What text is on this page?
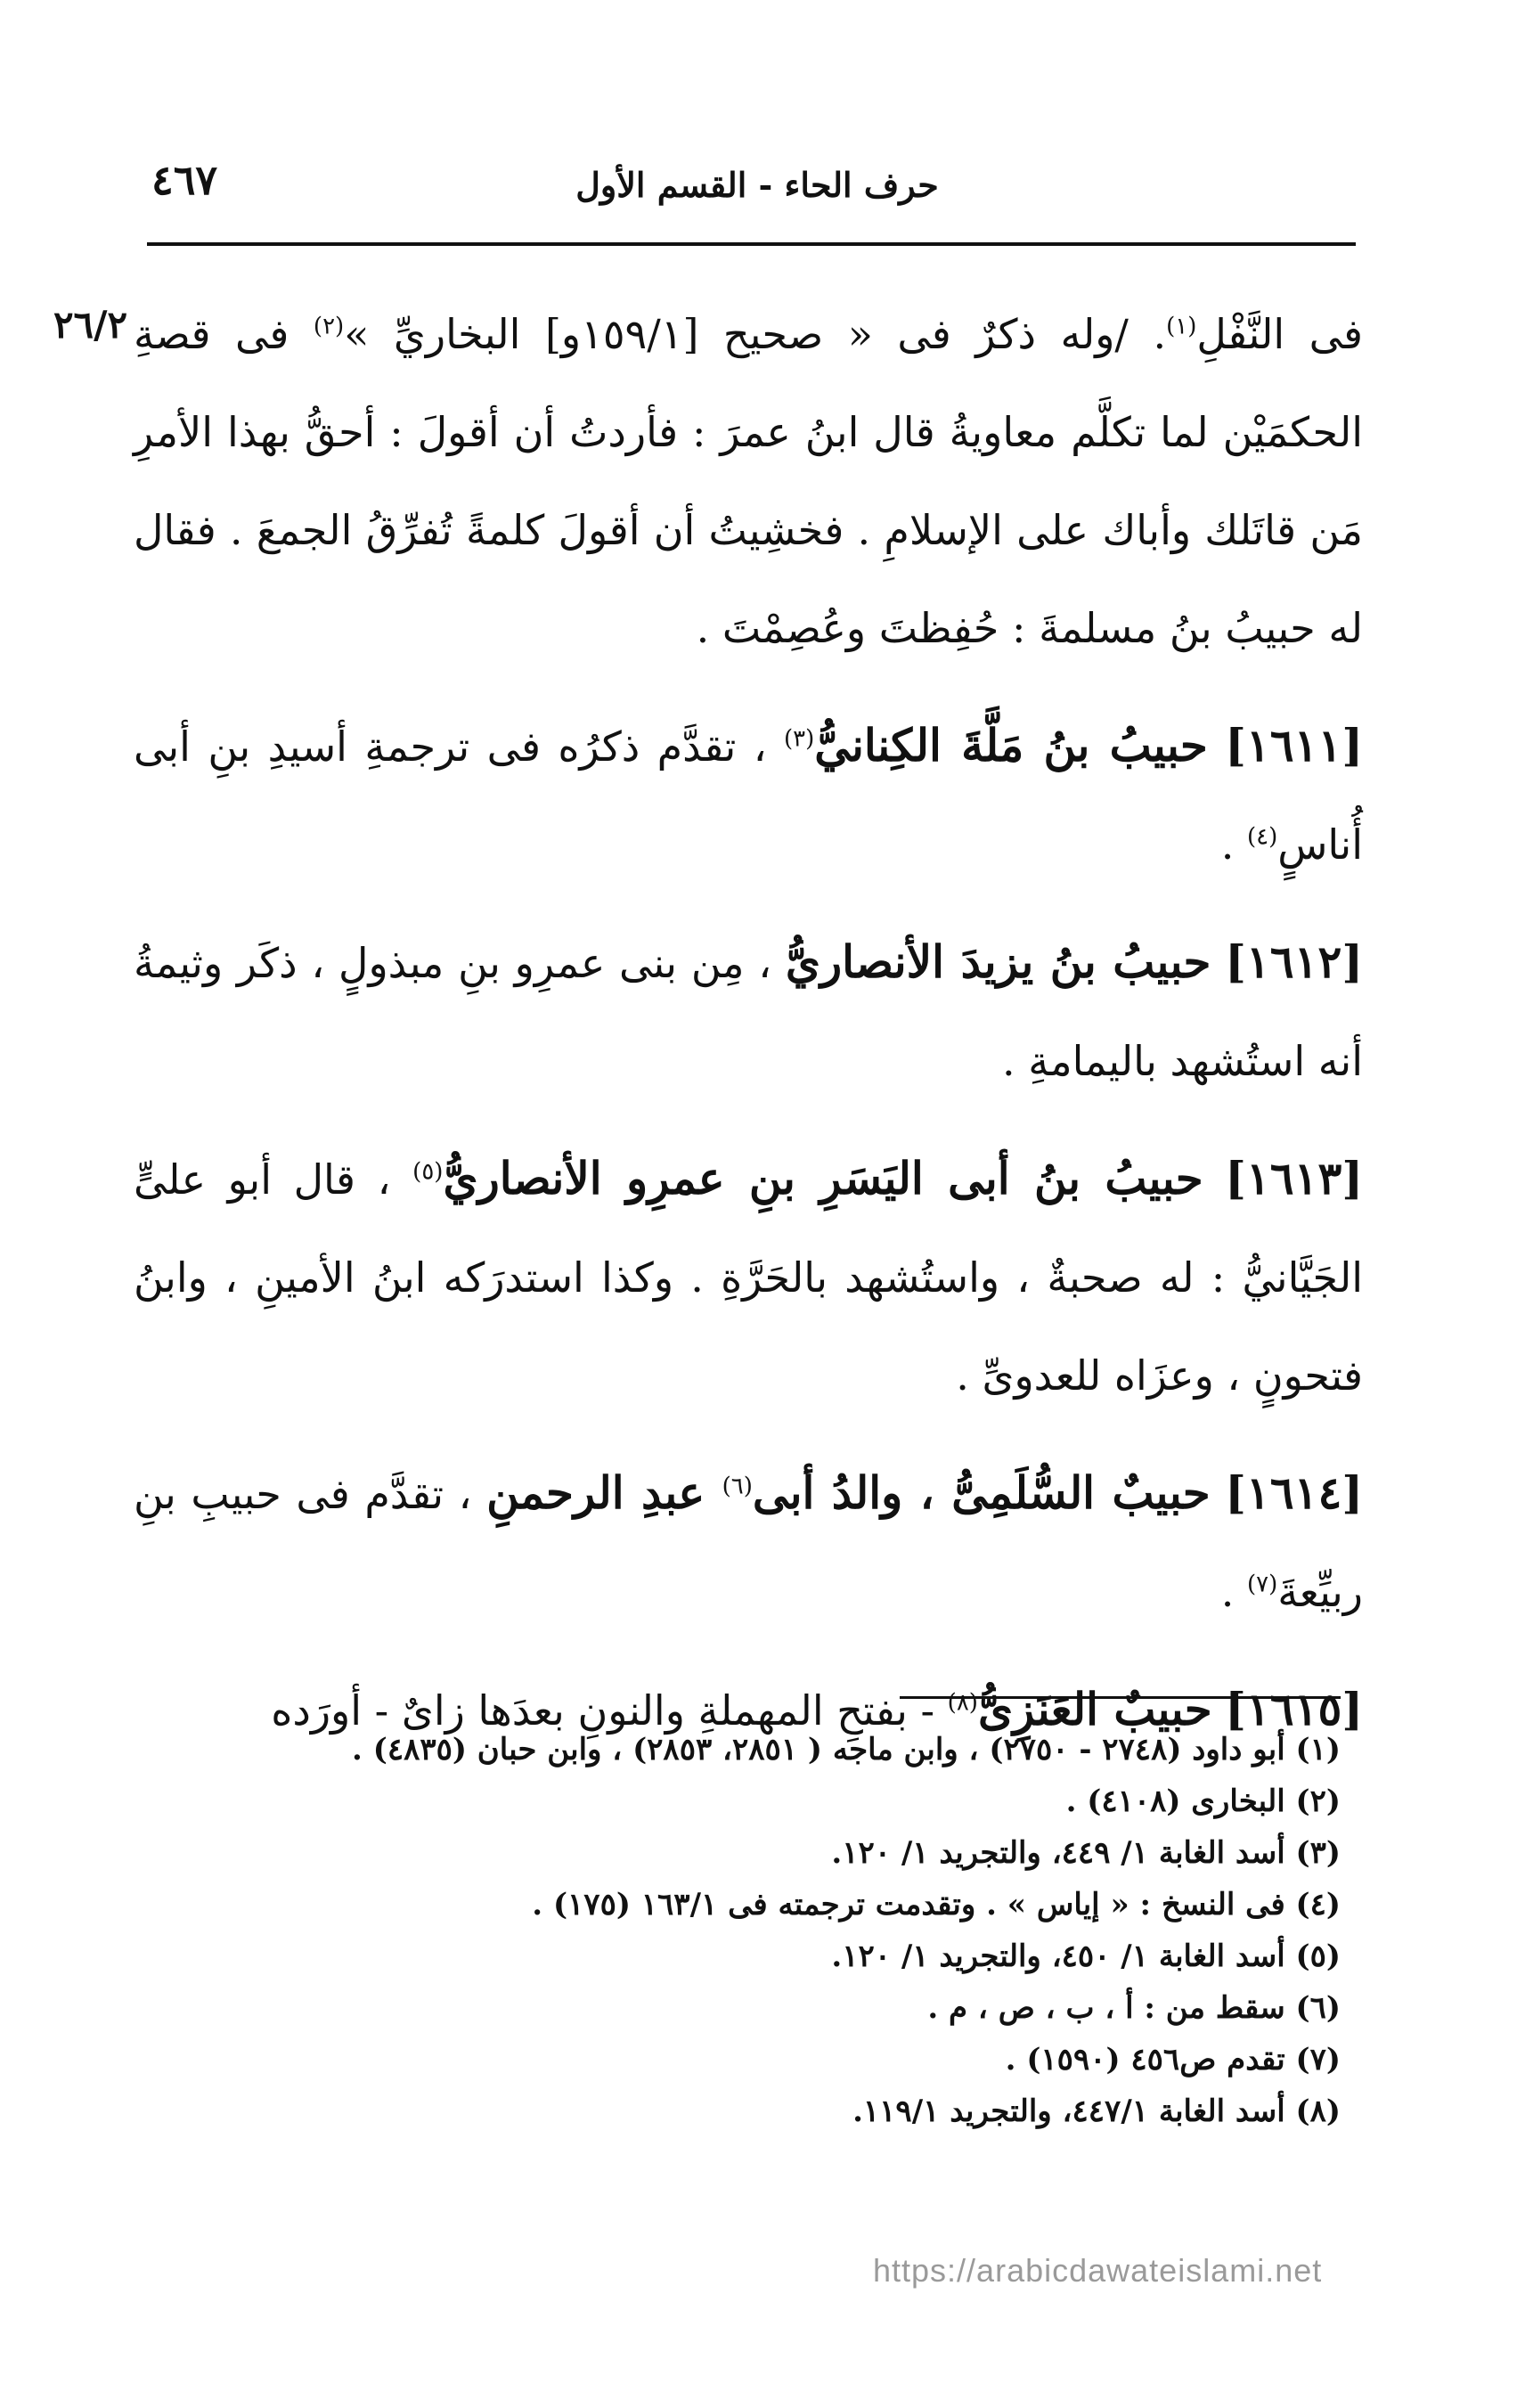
٤٦٧	حرف الحاء - القسم الأول
٢٦/٢	فى النَّفْلِ$^{(١)}$. /وله ذكرٌ فى « صحيح [١٥٩/١و] البخاريِّ »$^{(٢)}$ فى قصةِ الحكمَيْن لما تكلَّم معاويةُ قال ابنُ عمرَ : فأردتُ أن أقولَ : أحقُّ بهذا الأمرِ مَن قاتَلك وأباك على الإسلامِ . فخشِيتُ أن أقولَ كلمةً تُفرِّقُ الجمعَ . فقال له حبيبُ بنُ مسلمةَ : حُفِظتَ وعُصِمْتَ .

[١٦١١] حبيبُ بنُ مَلَّةَ الكِنانيُّ$^{(٣)}$ ، تقدَّم ذكرُه فى ترجمةِ أسيدِ بنِ أبى أُناسٍ$^{(٤)}$ .

[١٦١٢] حبيبُ بنُ يزيدَ الأنصاريُّ ، مِن بنى عمرِو بنِ مبذولٍ ، ذكَر وثيمةُ أنه استُشهد باليمامةِ .

[١٦١٣] حبيبُ بنُ أبى اليَسَرِ بنِ عمرِو الأنصاريُّ$^{(٥)}$ ، قال أبو علىٍّ الجَيَّانيُّ : له صحبةٌ ، واستُشهد بالحَرَّةِ . وكذا استدرَكه ابنُ الأمينِ ، وابنُ فتحونٍ ، وعزَاه للعدوىِّ .

[١٦١٤] حبيبٌ السُّلَمِىُّ ، والدُ أبى$^{(٦)}$ عبدِ الرحمنِ ، تقدَّم فى حبيبِ بنِ ربيِّعةَ$^{(٧)}$ .

[١٦١٥] حبيبٌ العَنَزِىُّ$^{(٨)}$ - بفتحِ المهملةِ والنونِ بعدَها زاىٌ - أورَده

(١) أبو داود (٢٧٤٨ - ٢٧٥٠) ، وابن ماجه ( ٢٨٥١، ٢٨٥٣) ، وابن حبان (٤٨٣٥) .

(٢) البخارى (٤١٠٨) .

(٣) أسد الغابة ١/ ٤٤٩، والتجريد ١/ ١٢٠.

(٤) فى النسخ : « إياس » . وتقدمت ترجمته فى ١٦٣/١ (١٧٥) .

(٥) أسد الغابة ١/ ٤٥٠، والتجريد ١/ ١٢٠.

(٦) سقط من : أ ، ب ، ص ، م .

(٧) تقدم ص٤٥٦ (١٥٩٠) .

(٨) أسد الغابة ٤٤٧/١، والتجريد ١١٩/١.

https://arabicdawateislami.net
